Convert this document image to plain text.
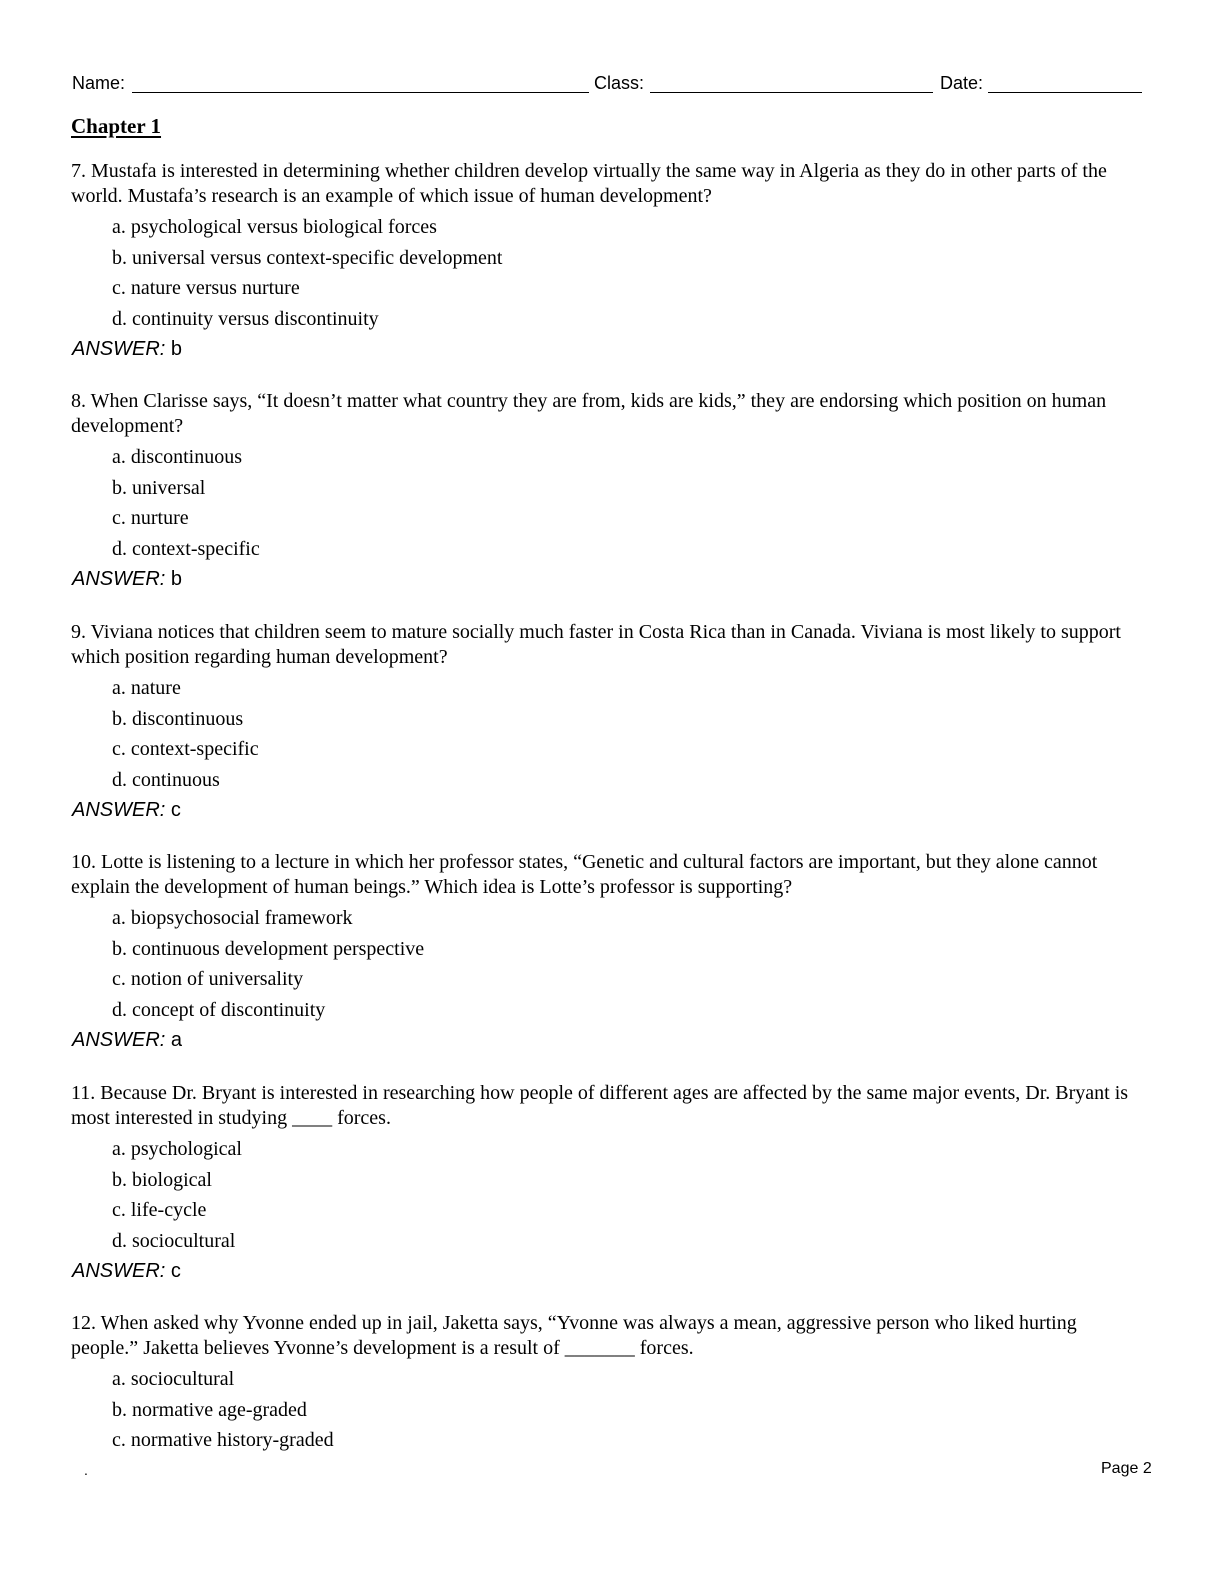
Name:	Class:	Date:
Chapter 1

7. Mustafa is interested in determining whether children develop virtually the same way in Algeria as they do in other parts of the world. Mustafa’s research is an example of which issue of human development?

a. psychological versus biological forces
b. universal versus context-specific development
c. nature versus nurture
d. continuity versus discontinuity
ANSWER: b

8. When Clarisse says, “It doesn’t matter what country they are from, kids are kids,” they are endorsing which position on human development?

a. discontinuous
b. universal
c. nurture
d. context-specific
ANSWER: b

9. Viviana notices that children seem to mature socially much faster in Costa Rica than in Canada. Viviana is most likely to support which position regarding human development?

a. nature
b. discontinuous
c. context-specific
d. continuous
ANSWER: c

10. Lotte is listening to a lecture in which her professor states, “Genetic and cultural factors are important, but they alone cannot explain the development of human beings.” Which idea is Lotte’s professor is supporting?

a. biopsychosocial framework
b. continuous development perspective
c. notion of universality
d. concept of discontinuity
ANSWER: a

11. Because Dr. Bryant is interested in researching how people of different ages are affected by the same major events, Dr. Bryant is most interested in studying ____ forces.

a. psychological
b. biological
c. life-cycle
d. sociocultural
ANSWER: c

12. When asked why Yvonne ended up in jail, Jaketta says, “Yvonne was always a mean, aggressive person who liked hurting people.” Jaketta believes Yvonne’s development is a result of _______ forces.

a. sociocultural
b. normative age-graded
c. normative history-graded
.	Page 2
